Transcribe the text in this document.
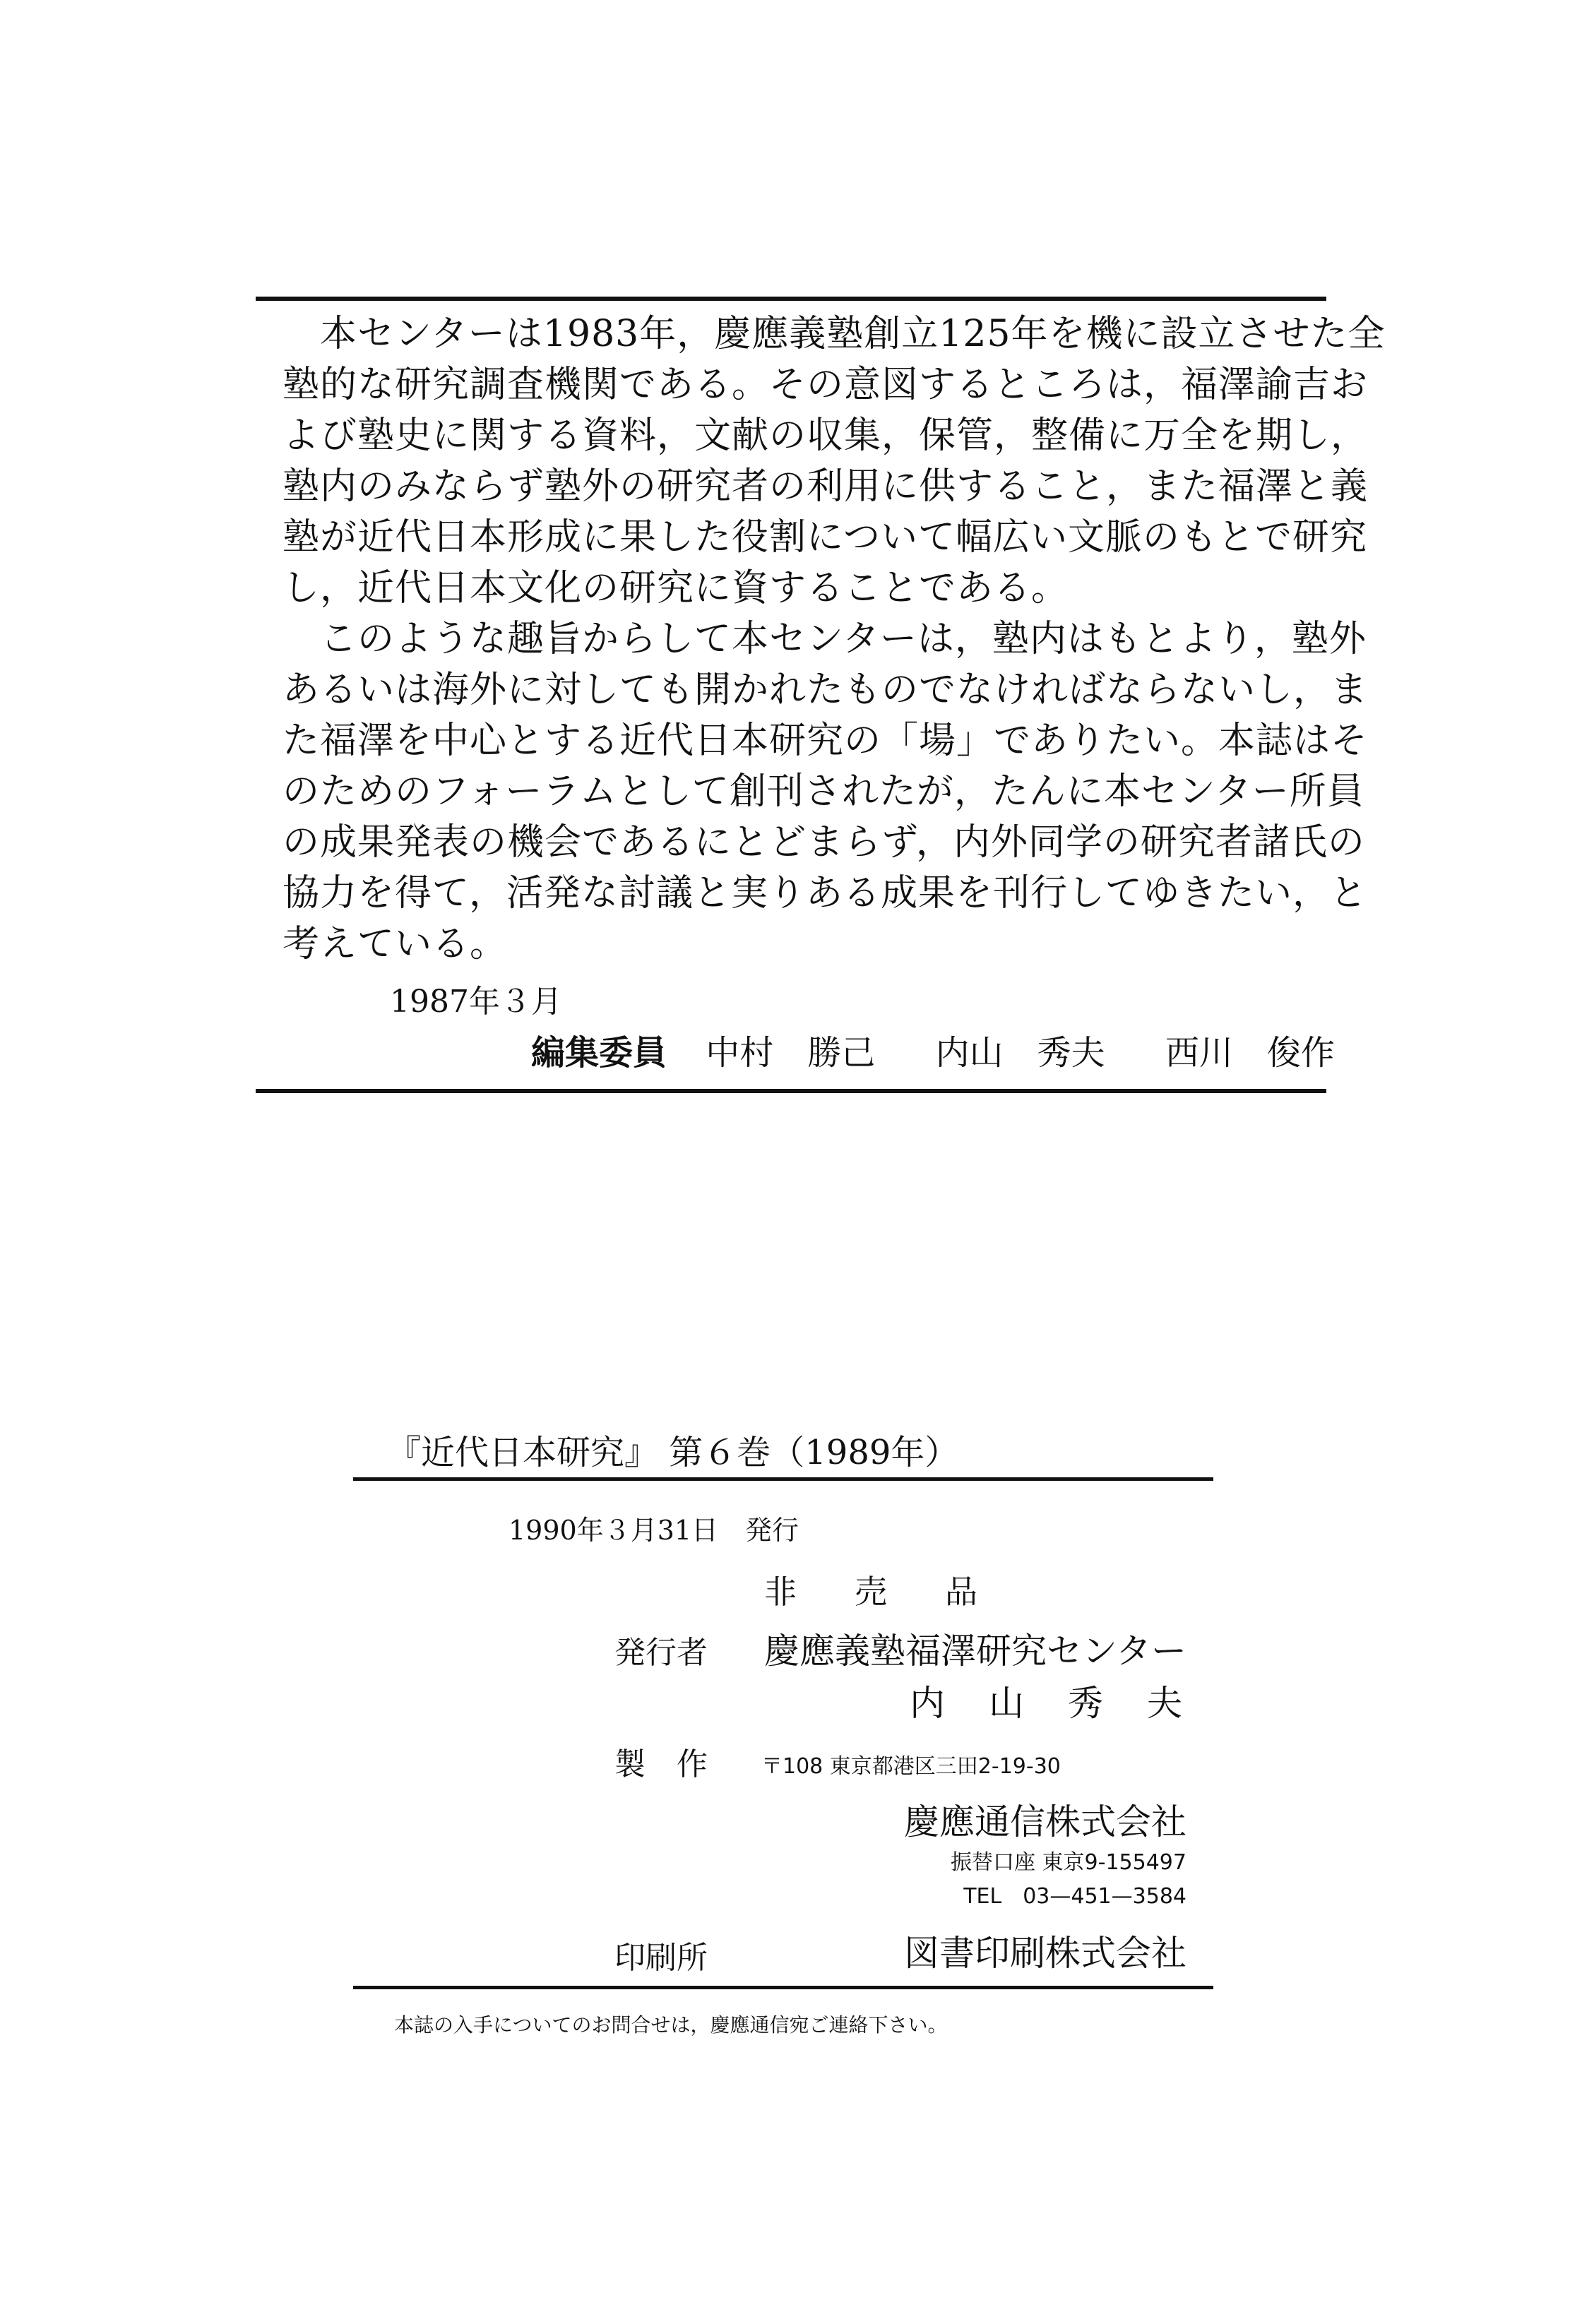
　本センターは1983年，慶應義塾創立125年を機に設立させた全
塾的な研究調査機関である。その意図するところは，福澤諭吉お
よび塾史に関する資料，文献の収集，保管，整備に万全を期し，
塾内のみならず塾外の研究者の利用に供すること，また福澤と義
塾が近代日本形成に果した役割について幅広い文脈のもとで研究
し，近代日本文化の研究に資することである。
　このような趣旨からして本センターは，塾内はもとより，塾外
あるいは海外に対しても開かれたものでなければならないし，ま
た福澤を中心とする近代日本研究の「場」でありたい。本誌はそ
のためのフォーラムとして創刊されたが，たんに本センター所員
の成果発表の機会であるにとどまらず，内外同学の研究者諸氏の
協力を得て，活発な討議と実りある成果を刊行してゆきたい，と
考えている。
1987年３月
編集委員 中村　勝己 内山　秀夫 西川　俊作
『近代日本研究』 第６巻（1989年）
1990年３月31日　発行
非　売　品
発行者 慶應義塾福澤研究センター
内　山　秀　夫
製　作	〒108 東京都港区三田2-19-30
慶應通信株式会社
振替口座 東京9-155497
TEL　03—451—3584
印刷所	図書印刷株式会社
本誌の入手についてのお問合せは，慶應通信宛ご連絡下さい。
